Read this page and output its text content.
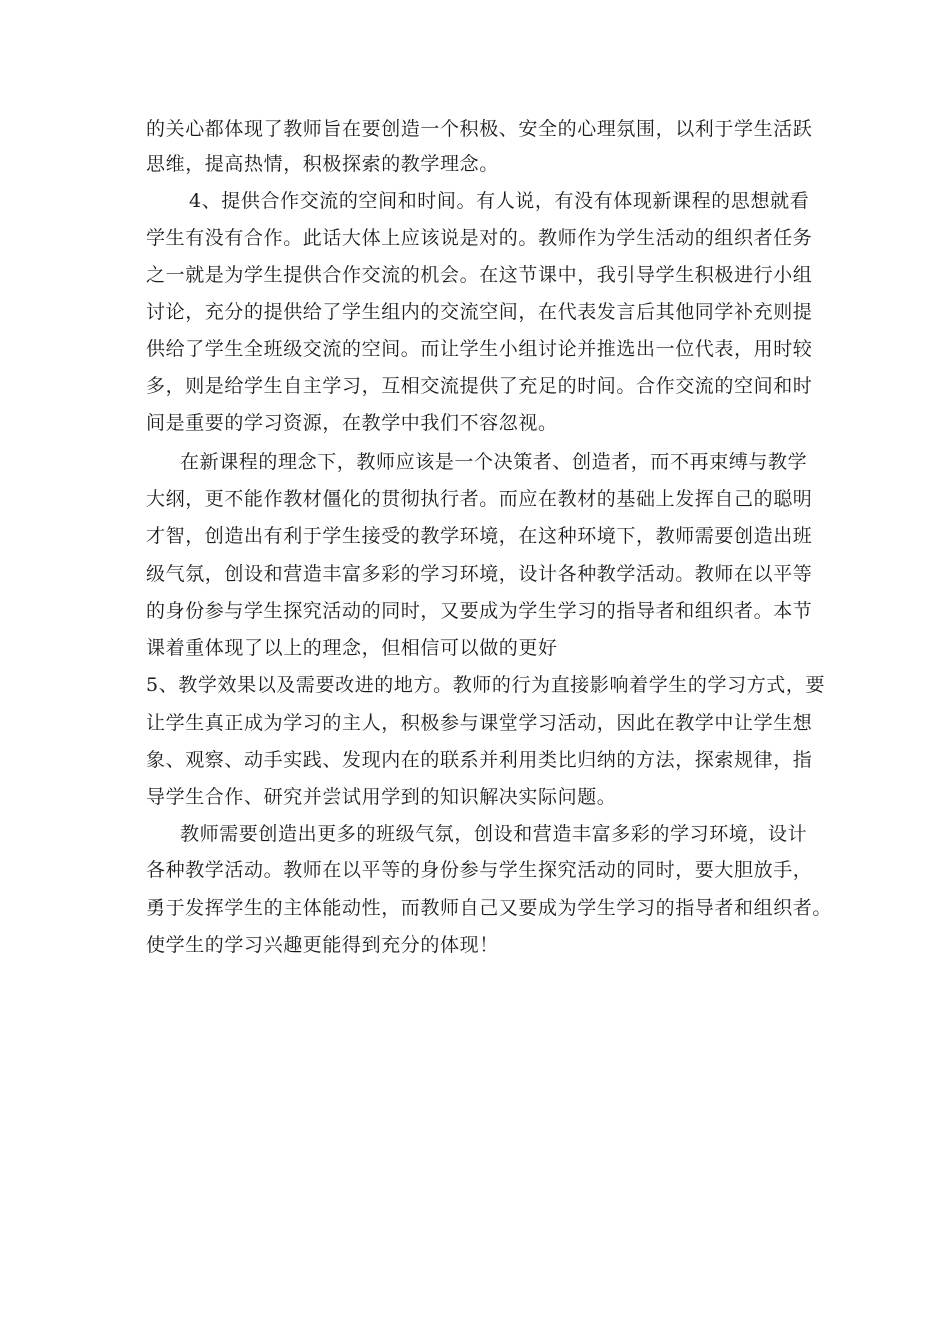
的关心都体现了教师旨在要创造一个积极、安全的心理氛围，以利于学生活跃
思维，提高热情，积极探索的教学理念。
4、提供合作交流的空间和时间。有人说，有没有体现新课程的思想就看
学生有没有合作。此话大体上应该说是对的。教师作为学生活动的组织者任务
之一就是为学生提供合作交流的机会。在这节课中，我引导学生积极进行小组
讨论，充分的提供给了学生组内的交流空间，在代表发言后其他同学补充则提
供给了学生全班级交流的空间。而让学生小组讨论并推选出一位代表，用时较
多，则是给学生自主学习，互相交流提供了充足的时间。合作交流的空间和时
间是重要的学习资源，在教学中我们不容忽视。
在新课程的理念下，教师应该是一个决策者、创造者，而不再束缚与教学
大纲，更不能作教材僵化的贯彻执行者。而应在教材的基础上发挥自己的聪明
才智，创造出有利于学生接受的教学环境，在这种环境下，教师需要创造出班
级气氛，创设和营造丰富多彩的学习环境，设计各种教学活动。教师在以平等
的身份参与学生探究活动的同时，又要成为学生学习的指导者和组织者。本节
课着重体现了以上的理念，但相信可以做的更好
5、教学效果以及需要改进的地方。教师的行为直接影响着学生的学习方式，要
让学生真正成为学习的主人，积极参与课堂学习活动，因此在教学中让学生想
象、观察、动手实践、发现内在的联系并利用类比归纳的方法，探索规律，指
导学生合作、研究并尝试用学到的知识解决实际问题。
教师需要创造出更多的班级气氛，创设和营造丰富多彩的学习环境，设计
各种教学活动。教师在以平等的身份参与学生探究活动的同时，要大胆放手，
勇于发挥学生的主体能动性，而教师自己又要成为学生学习的指导者和组织者。
使学生的学习兴趣更能得到充分的体现！
